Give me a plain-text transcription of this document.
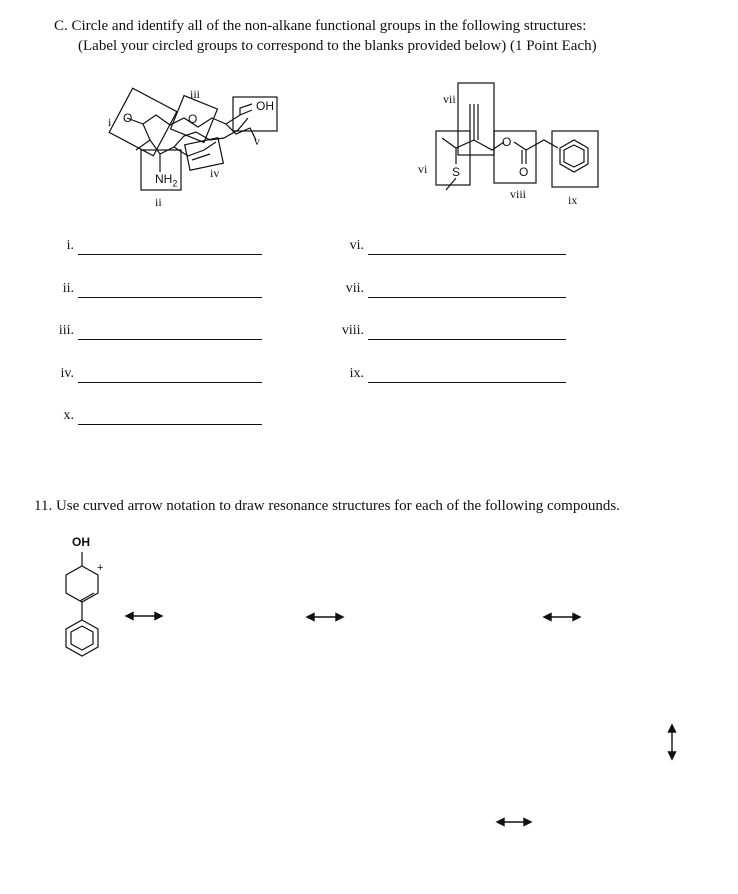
C. Circle and identify all of the non-alkane functional groups in the following structures:
(Label your circled groups to correspond to the blanks provided below) (1 Point Each)
i
iii
v
iv
ii
O	O
OH
$NH_2$
vii
vi
viii	ix
S
O
O
i.
ii.
iii.
iv.
x.
vi.
vii.
viii.
ix.
11. Use curved arrow notation to draw resonance structures for each of the following compounds.
OH
+
